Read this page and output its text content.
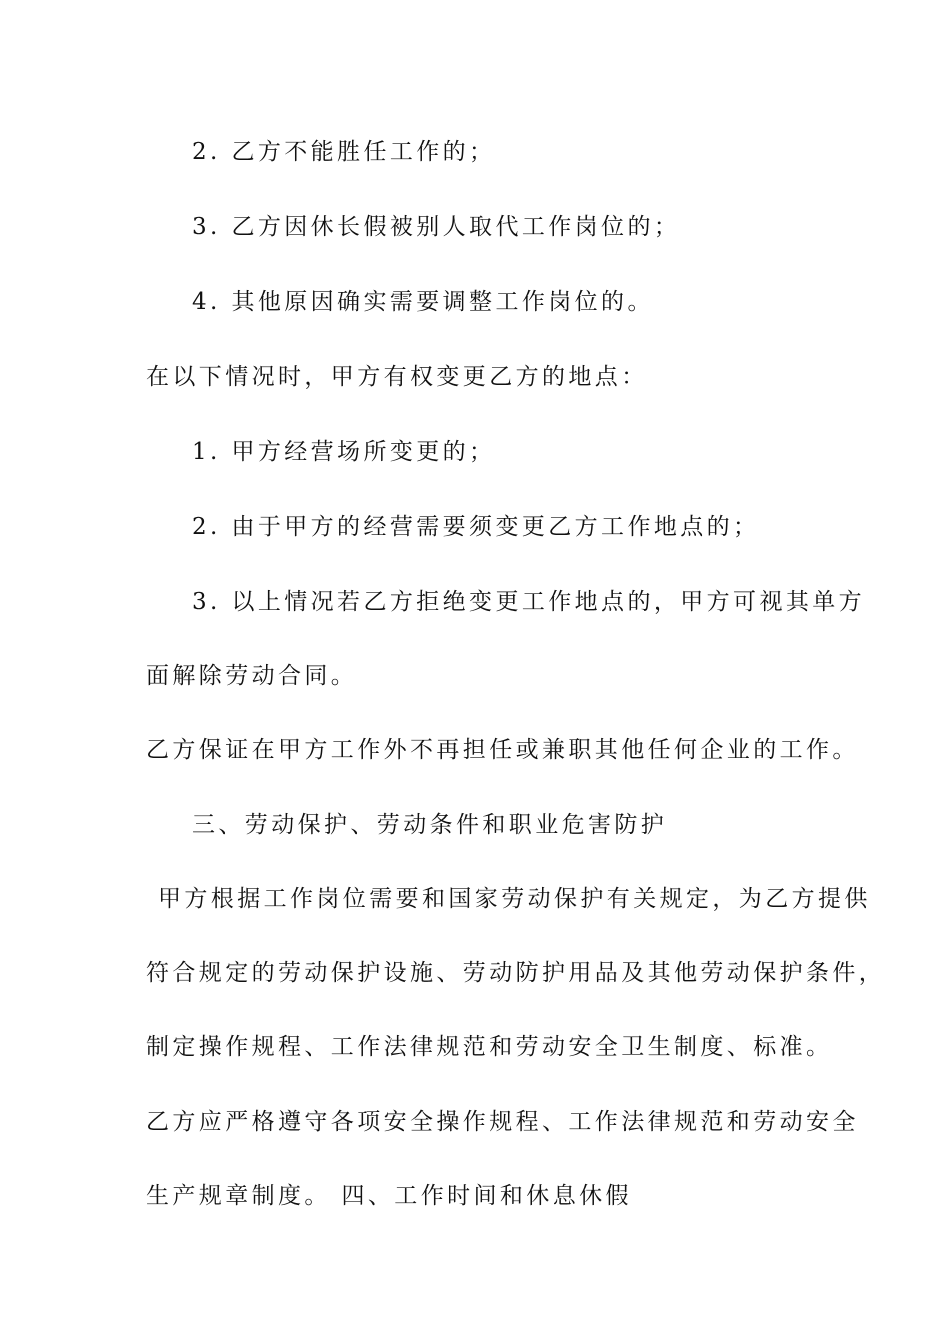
2. 乙方不能胜任工作的；
3. 乙方因休长假被别人取代工作岗位的；
4. 其他原因确实需要调整工作岗位的。
在以下情况时，甲方有权变更乙方的地点：
1. 甲方经营场所变更的；
2. 由于甲方的经营需要须变更乙方工作地点的；
3. 以上情况若乙方拒绝变更工作地点的，甲方可视其单方
面解除劳动合同。
乙方保证在甲方工作外不再担任或兼职其他任何企业的工作。
三、劳动保护、劳动条件和职业危害防护
甲方根据工作岗位需要和国家劳动保护有关规定，为乙方提供
符合规定的劳动保护设施、劳动防护用品及其他劳动保护条件，
制定操作规程、工作法律规范和劳动安全卫生制度、标准。
乙方应严格遵守各项安全操作规程、工作法律规范和劳动安全
生产规章制度。 四、工作时间和休息休假
